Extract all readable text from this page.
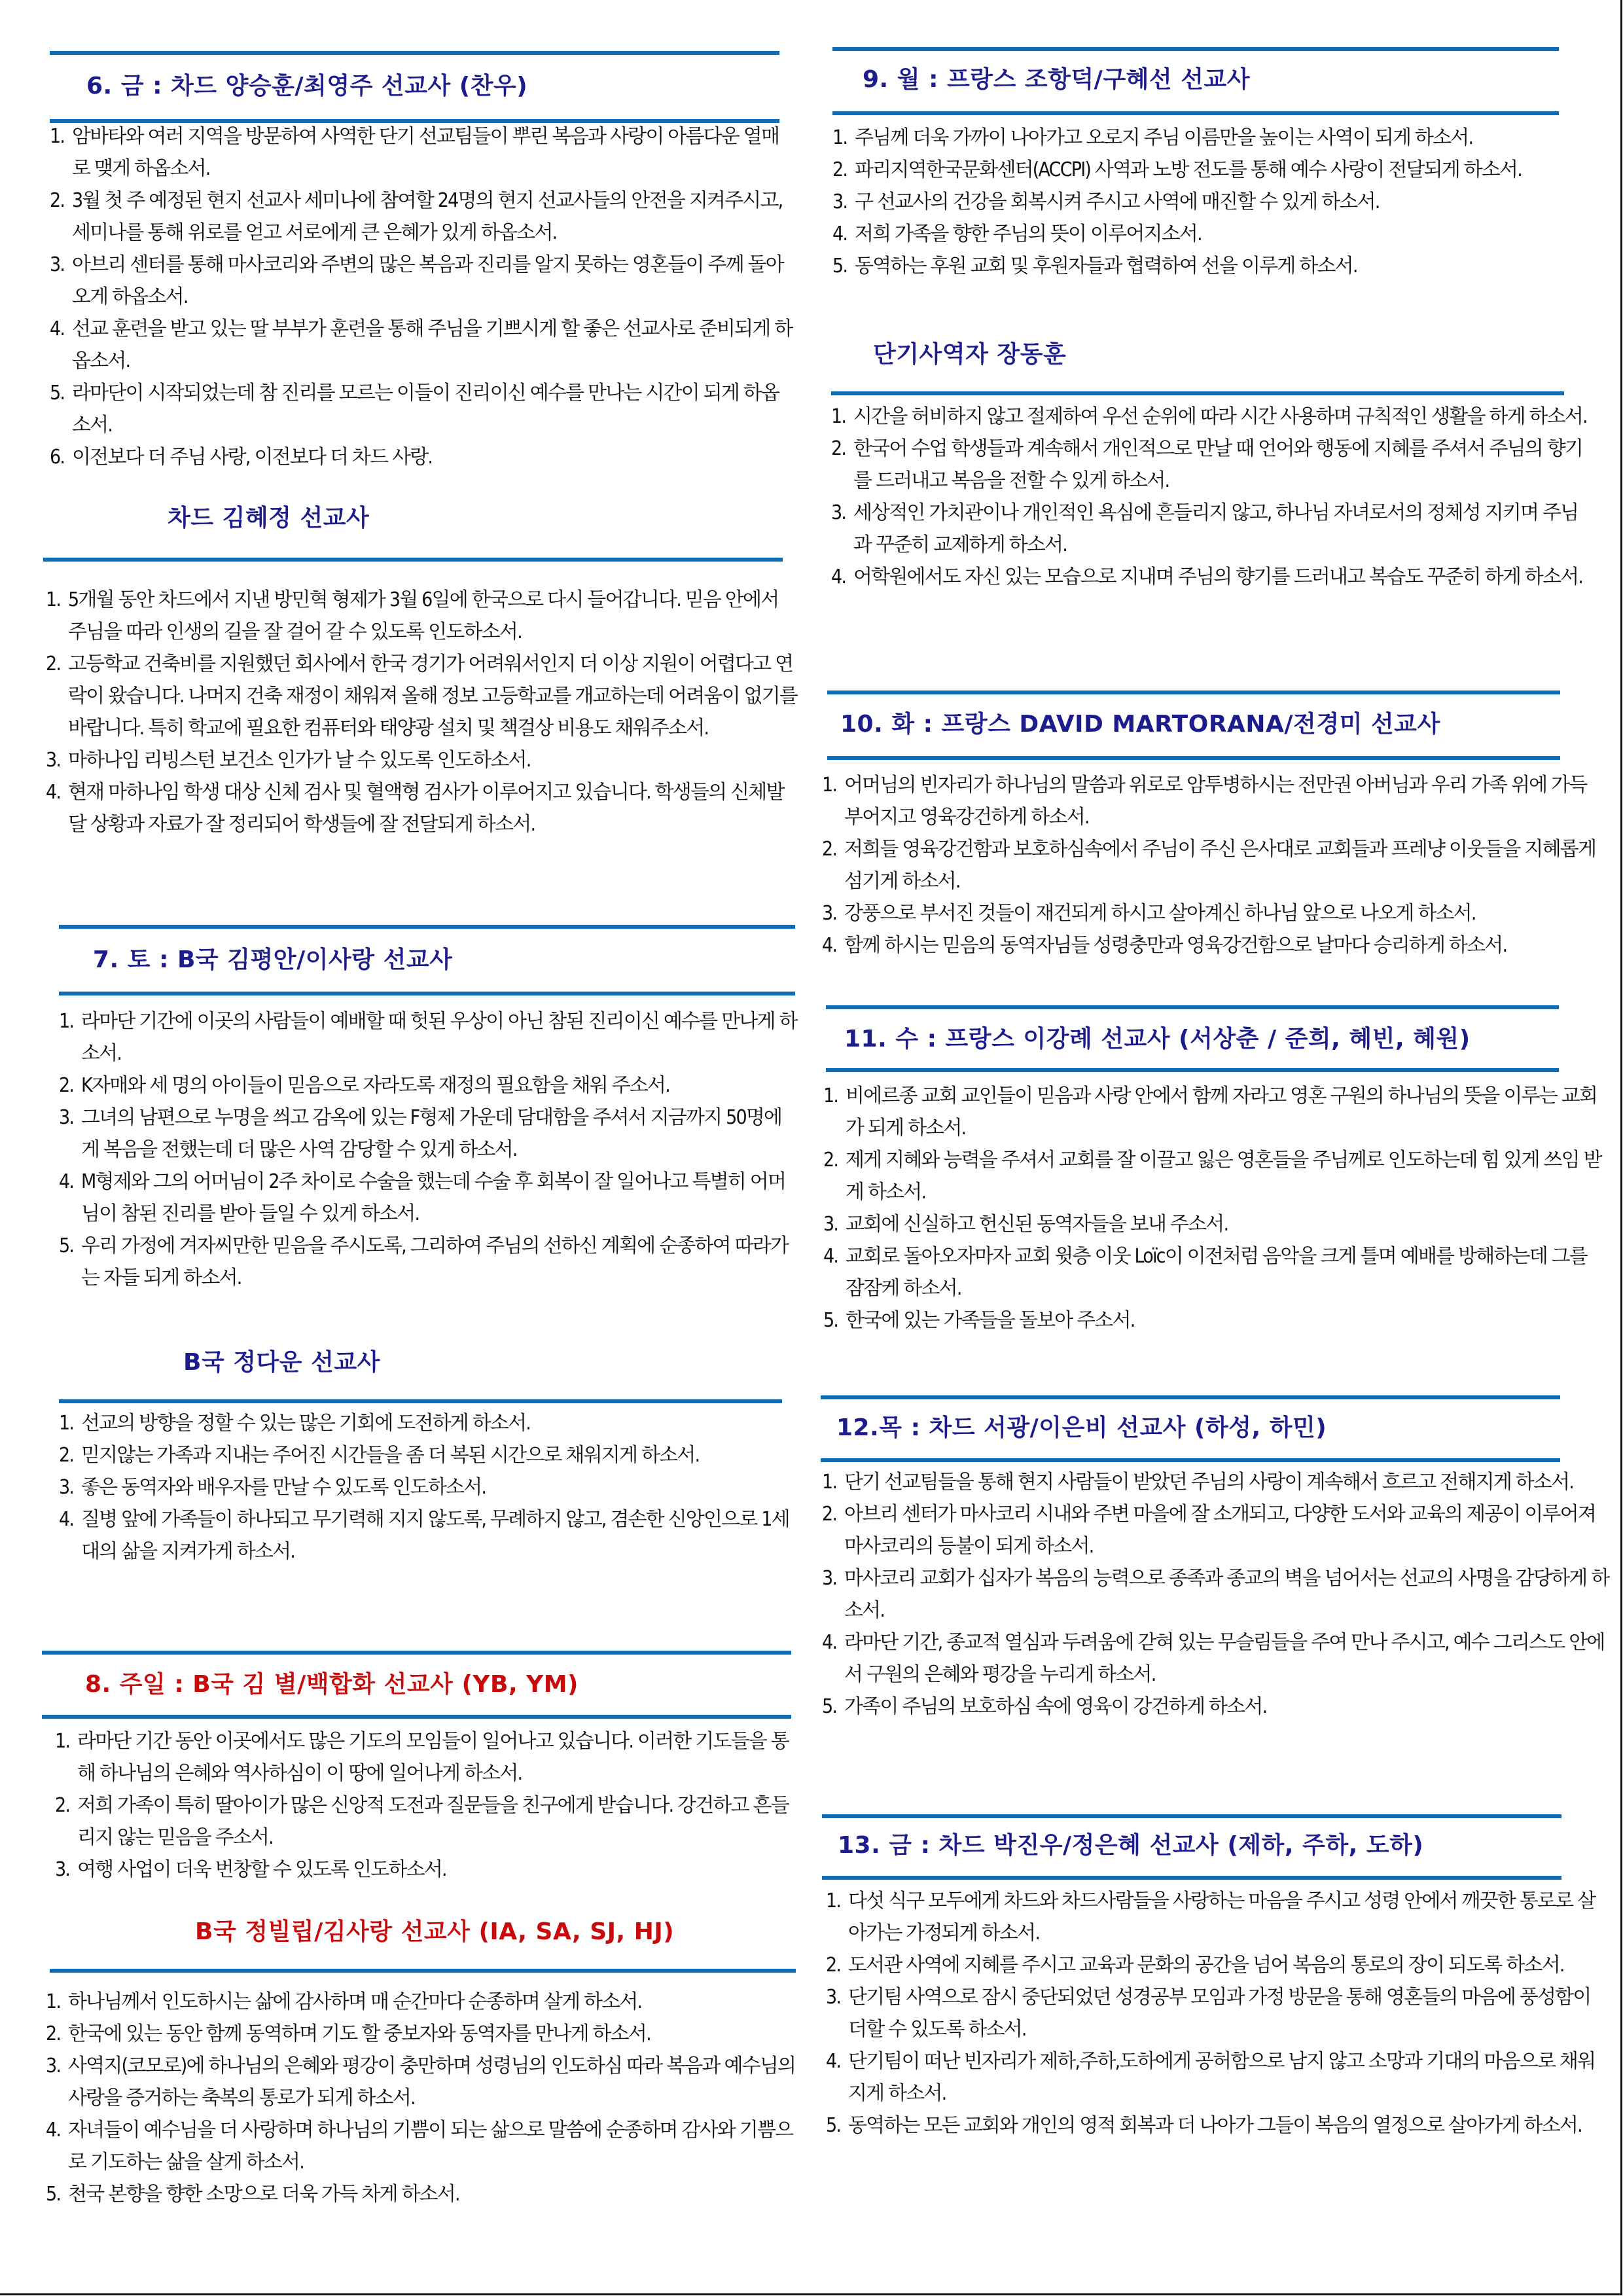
6. 금 : 차드 양승훈/최영주 선교사 (찬우)
1. 암바타와 여러 지역을 방문하여 사역한 단기 선교팀들이 뿌린 복음과 사랑이 아름다운 열매로 맺게 하옵소서.
2. 3월 첫 주 예정된 현지 선교사 세미나에 참여할 24명의 현지 선교사들의 안전을 지켜주시고, 세미나를 통해 위로를 얻고 서로에게 큰 은혜가 있게 하옵소서.
3. 아브리 센터를 통해 마사코리와 주변의 많은 복음과 진리를 알지 못하는 영혼들이 주께 돌아오게 하옵소서.
4. 선교 훈련을 받고 있는 딸 부부가 훈련을 통해 주님을 기쁘시게 할 좋은 선교사로 준비되게 하옵소서.
5. 라마단이 시작되었는데 참 진리를 모르는 이들이 진리이신 예수를 만나는 시간이 되게 하옵소서.
6. 이전보다 더 주님 사랑, 이전보다 더 차드 사랑.
차드 김혜정 선교사
1. 5개월 동안 차드에서 지낸 방민혁 형제가 3월 6일에 한국으로 다시 들어갑니다. 믿음 안에서 주님을 따라 인생의 길을 잘 걸어 갈 수 있도록 인도하소서.
2. 고등학교 건축비를 지원했던 회사에서 한국 경기가 어려워서인지 더 이상 지원이 어렵다고 연락이 왔습니다. 나머지 건축 재정이 채워져 올해 정보 고등학교를 개교하는데 어려움이 없기를 바랍니다. 특히 학교에 필요한 컴퓨터와 태양광 설치 및 책걸상 비용도 채워주소서.
3. 마하나임 리빙스턴 보건소 인가가 날 수 있도록 인도하소서.
4. 현재 마하나임 학생 대상 신체 검사 및 혈액형 검사가 이루어지고 있습니다. 학생들의 신체발달 상황과 자료가 잘 정리되어 학생들에 잘 전달되게 하소서.
7. 토 : B국 김평안/이사랑 선교사
1. 라마단 기간에 이곳의 사람들이 예배할 때 헛된 우상이 아닌 참된 진리이신 예수를 만나게 하소서.
2. K자매와 세 명의 아이들이 믿음으로 자라도록 재정의 필요함을 채워 주소서.
3. 그녀의 남편으로 누명을 씌고 감옥에 있는 F형제 가운데 담대함을 주셔서 지금까지 50명에게 복음을 전했는데 더 많은 사역 감당할 수 있게 하소서.
4. M형제와 그의 어머님이 2주 차이로 수술을 했는데 수술 후 회복이 잘 일어나고 특별히 어머님이 참된 진리를 받아 들일 수 있게 하소서.
5. 우리 가정에 겨자씨만한 믿음을 주시도록, 그리하여 주님의 선하신 계획에 순종하여 따라가는 자들 되게 하소서.
B국 정다운 선교사
1. 선교의 방향을 정할 수 있는 많은 기회에 도전하게 하소서.
2. 믿지않는 가족과 지내는 주어진 시간들을 좀 더 복된 시간으로 채워지게 하소서.
3. 좋은 동역자와 배우자를 만날 수 있도록 인도하소서.
4. 질병 앞에 가족들이 하나되고 무기력해 지지 않도록, 무례하지 않고, 겸손한 신앙인으로 1세대의 삶을 지켜가게 하소서.
8. 주일 : B국 김 별/백합화 선교사 (YB, YM)
1. 라마단 기간 동안 이곳에서도 많은 기도의 모임들이 일어나고 있습니다. 이러한 기도들을 통해 하나님의 은혜와 역사하심이 이 땅에 일어나게 하소서.
2. 저희 가족이 특히 딸아이가 많은 신앙적 도전과 질문들을 친구에게 받습니다. 강건하고 흔들리지 않는 믿음을 주소서.
3. 여행 사업이 더욱 번창할 수 있도록 인도하소서.
B국 정빌립/김사랑 선교사 (IA, SA, SJ, HJ)
1. 하나님께서 인도하시는 삶에 감사하며 매 순간마다 순종하며 살게 하소서.
2. 한국에 있는 동안 함께 동역하며 기도 할 중보자와 동역자를 만나게 하소서.
3. 사역지(코모로)에 하나님의 은혜와 평강이 충만하며 성령님의 인도하심 따라 복음과 예수님의 사랑을 증거하는 축복의 통로가 되게 하소서.
4. 자녀들이 예수님을 더 사랑하며 하나님의 기쁨이 되는 삶으로 말씀에 순종하며 감사와 기쁨으로 기도하는 삶을 살게 하소서.
5. 천국 본향을 향한 소망으로 더욱 가득 차게 하소서.
9. 월 : 프랑스 조항덕/구혜선 선교사
1. 주님께 더욱 가까이 나아가고 오로지 주님 이름만을 높이는 사역이 되게 하소서.
2. 파리지역한국문화센터(ACCPI) 사역과 노방 전도를 통해 예수 사랑이 전달되게 하소서.
3. 구 선교사의 건강을 회복시켜 주시고 사역에 매진할 수 있게 하소서.
4. 저희 가족을 향한 주님의 뜻이 이루어지소서.
5. 동역하는 후원 교회 및 후원자들과 협력하여 선을 이루게 하소서.
단기사역자 장동훈
1. 시간을 허비하지 않고 절제하여 우선 순위에 따라 시간 사용하며 규칙적인 생활을 하게 하소서.
2. 한국어 수업 학생들과 계속해서 개인적으로 만날 때 언어와 행동에 지혜를 주셔서 주님의 향기를 드러내고 복음을 전할 수 있게 하소서.
3. 세상적인 가치관이나 개인적인 욕심에 흔들리지 않고, 하나님 자녀로서의 정체성 지키며 주님과 꾸준히 교제하게 하소서.
4. 어학원에서도 자신 있는 모습으로 지내며 주님의 향기를 드러내고 복습도 꾸준히 하게 하소서.
10. 화 : 프랑스 DAVID MARTORANA/전경미 선교사
1. 어머님의 빈자리가 하나님의 말씀과 위로로 암투병하시는 전만권 아버님과 우리 가족 위에 가득 부어지고 영육강건하게 하소서.
2. 저희들 영육강건함과 보호하심속에서 주님이 주신 은사대로 교회들과 프레냥 이웃들을 지혜롭게 섬기게 하소서.
3. 강풍으로 부서진 것들이 재건되게 하시고 살아계신 하나님 앞으로 나오게 하소서.
4. 함께 하시는 믿음의 동역자님들 성령충만과 영육강건함으로 날마다 승리하게 하소서.
11. 수 : 프랑스 이강례 선교사 (서상춘 / 준희, 혜빈, 혜원)
1. 비에르종 교회 교인들이 믿음과 사랑 안에서 함께 자라고 영혼 구원의 하나님의 뜻을 이루는 교회가 되게 하소서.
2. 제게 지혜와 능력을 주셔서 교회를 잘 이끌고 잃은 영혼들을 주님께로 인도하는데 힘 있게 쓰임 받게 하소서.
3. 교회에 신실하고 헌신된 동역자들을 보내 주소서.
4. 교회로 돌아오자마자 교회 윗층 이웃 Loïc이 이전처럼 음악을 크게 틀며 예배를 방해하는데 그를 잠잠케 하소서.
5. 한국에 있는 가족들을 돌보아 주소서.
12.목 : 차드 서광/이은비 선교사 (하성, 하민)
1. 단기 선교팀들을 통해 현지 사람들이 받았던 주님의 사랑이 계속해서 흐르고 전해지게 하소서.
2. 아브리 센터가 마사코리 시내와 주변 마을에 잘 소개되고, 다양한 도서와 교육의 제공이 이루어져 마사코리의 등불이 되게 하소서.
3. 마사코리 교회가 십자가 복음의 능력으로 종족과 종교의 벽을 넘어서는 선교의 사명을 감당하게 하소서.
4. 라마단 기간, 종교적 열심과 두려움에 갇혀 있는 무슬림들을 주여 만나 주시고, 예수 그리스도 안에서 구원의 은혜와 평강을 누리게 하소서.
5. 가족이 주님의 보호하심 속에 영육이 강건하게 하소서.
13. 금 : 차드 박진우/정은혜 선교사 (제하, 주하, 도하)
1. 다섯 식구 모두에게 차드와 차드사람들을 사랑하는 마음을 주시고 성령 안에서 깨끗한 통로로 살아가는 가정되게 하소서.
2. 도서관 사역에 지혜를 주시고 교육과 문화의 공간을 넘어 복음의 통로의 장이 되도록 하소서.
3. 단기팀 사역으로 잠시 중단되었던 성경공부 모임과 가정 방문을 통해 영혼들의 마음에 풍성함이 더할 수 있도록 하소서.
4. 단기팀이 떠난 빈자리가 제하,주하,도하에게 공허함으로 남지 않고 소망과 기대의 마음으로 채워지게 하소서.
5. 동역하는 모든 교회와 개인의 영적 회복과 더 나아가 그들이 복음의 열정으로 살아가게 하소서.
